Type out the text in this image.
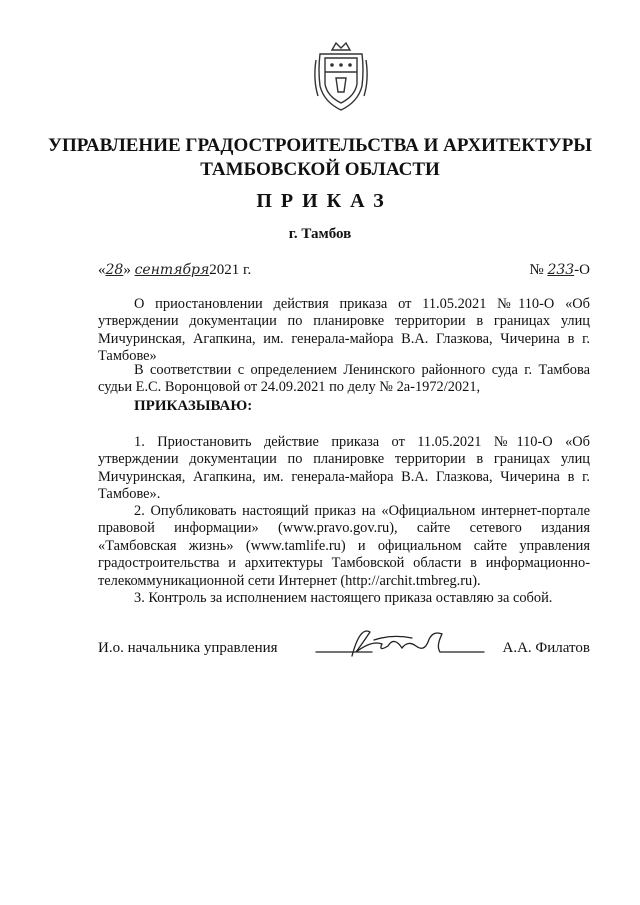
УПРАВЛЕНИЕ ГРАДОСТРОИТЕЛЬСТВА И АРХИТЕКТУРЫ
ТАМБОВСКОЙ ОБЛАСТИ
ПРИКАЗ
г. Тамбов
«28» сентября2021 г.	№ 233-О
О приостановлении действия приказа от 11.05.2021 №110-О «Об утверждении документации по планировке территории в границах улиц Мичуринская, Агапкина, им. генерала-майора В.А. Глазкова, Чичерина в г. Тамбове»
В соответствии с определением Ленинского районного суда г. Тамбова судьи Е.С. Воронцовой от 24.09.2021 по делу № 2а-1972/2021,
ПРИКАЗЫВАЮ:
1. Приостановить действие приказа от 11.05.2021 №110-О «Об утверждении документации по планировке территории в границах улиц Мичуринская, Агапкина, им. генерала-майора В.А. Глазкова, Чичерина в г. Тамбове».
2. Опубликовать настоящий приказ на «Официальном интернет-портале правовой информации» (www.pravo.gov.ru), сайте сетевого издания «Тамбовская жизнь» (www.tamlife.ru) и официальном сайте управления градостроительства и архитектуры Тамбовской области в информационно-телекоммуникационной сети Интернет (http://archit.tmbreg.ru).
3. Контроль за исполнением настоящего приказа оставляю за собой.
И.о. начальника управления	А.А. Филатов
